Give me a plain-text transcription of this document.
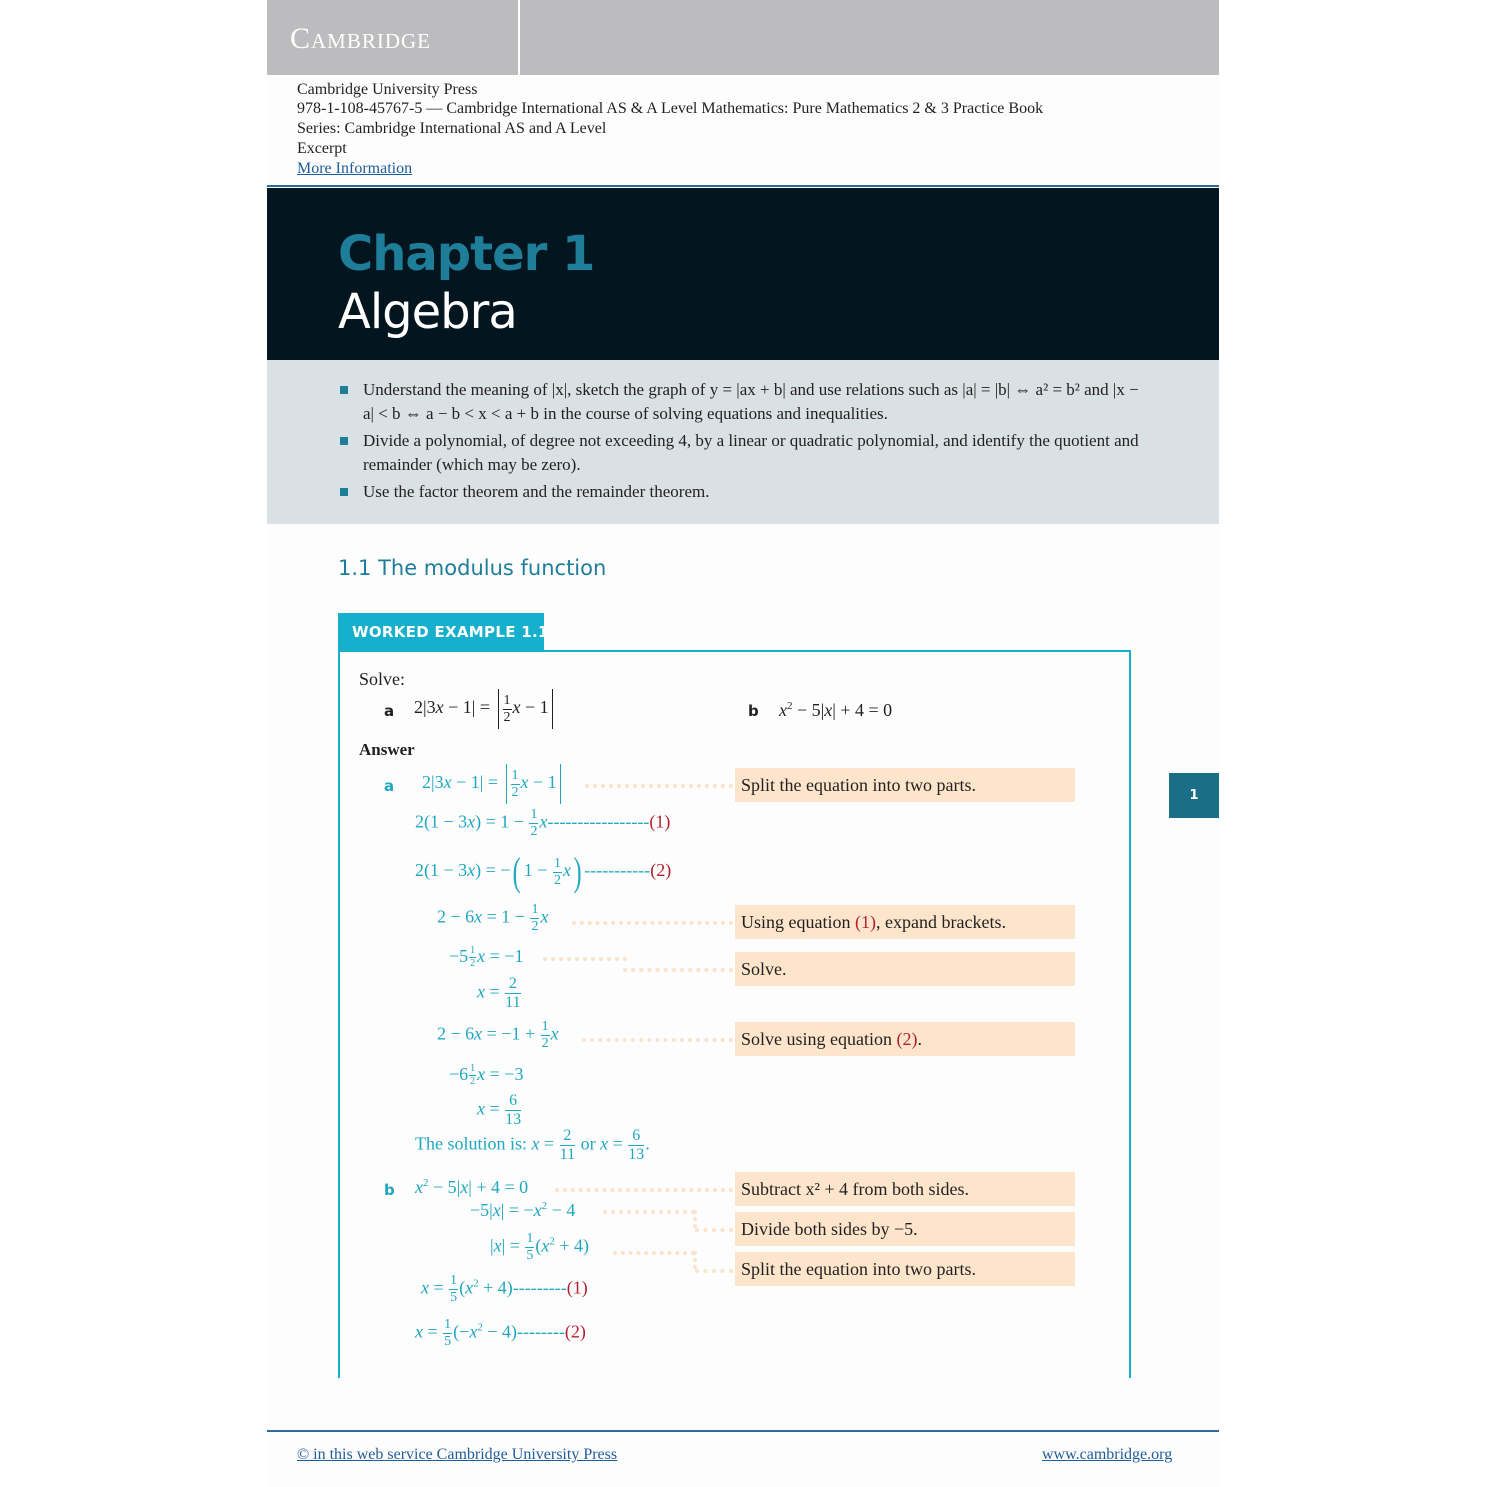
Cambridge
Cambridge University Press
978-1-108-45767-5 — Cambridge International AS & A Level Mathematics: Pure Mathematics 2 & 3 Practice Book
Series: Cambridge International AS and A Level
Excerpt
More Information
Chapter 1
Algebra
Understand the meaning of |x|, sketch the graph of y = |ax + b| and use relations such as |a| = |b| ⇔ a² = b² and |x − a| < b ⇔ a − b < x < a + b in the course of solving equations and inequalities.
Divide a polynomial, of degree not exceeding 4, by a linear or quadratic polynomial, and identify the quotient and remainder (which may be zero).
Use the factor theorem and the remainder theorem.
1.1 The modulus function
WORKED EXAMPLE 1.1
Solve:
a $2|3x - 1| = \frac{1}{2}$ x − 1	b $x^2 - 5|x| + 4 = 0$
Answer
a $2|3x - 1| = \frac{1}{2}$ x − 1	Split the equation into two parts.
$2(1 - 3x) = 1 - \frac{1}{2} x-----------------(1)$
2(1 − 3x) = −( $1 - \frac{1}{2} x$) -----------(2)
$2 - 6x = 1 - \frac{1}{2}$ x	Using equation (1), expand brackets.
$-5 \frac{1}{2}$ x = −1
Solve.
$x = \frac{2}{11}$
$2 - 6x = -1 + \frac{1}{2}$ x	Solve using equation (2).
$-6 \frac{1}{2}$ x = −3
$x = \frac{6}{13}$
The solution is: $x = \frac{2}{11}$ or $x = \frac{6}{13}$ .
b $x^2 - 5|x| + 4 = 0$	Subtract x² + 4 from both sides.
$-5|x| = -x^2 - 4$
Divide both sides by −5.
$|x| = \frac{1}{5} (x^2 + 4)$
Split the equation into two parts.
$x = \frac{1}{5} (x^2 + 4)---------(1)$
$x = \frac{1}{5} (-x^2 - 4)--------(2)$
1
© in this web service Cambridge University Press	www.cambridge.org
